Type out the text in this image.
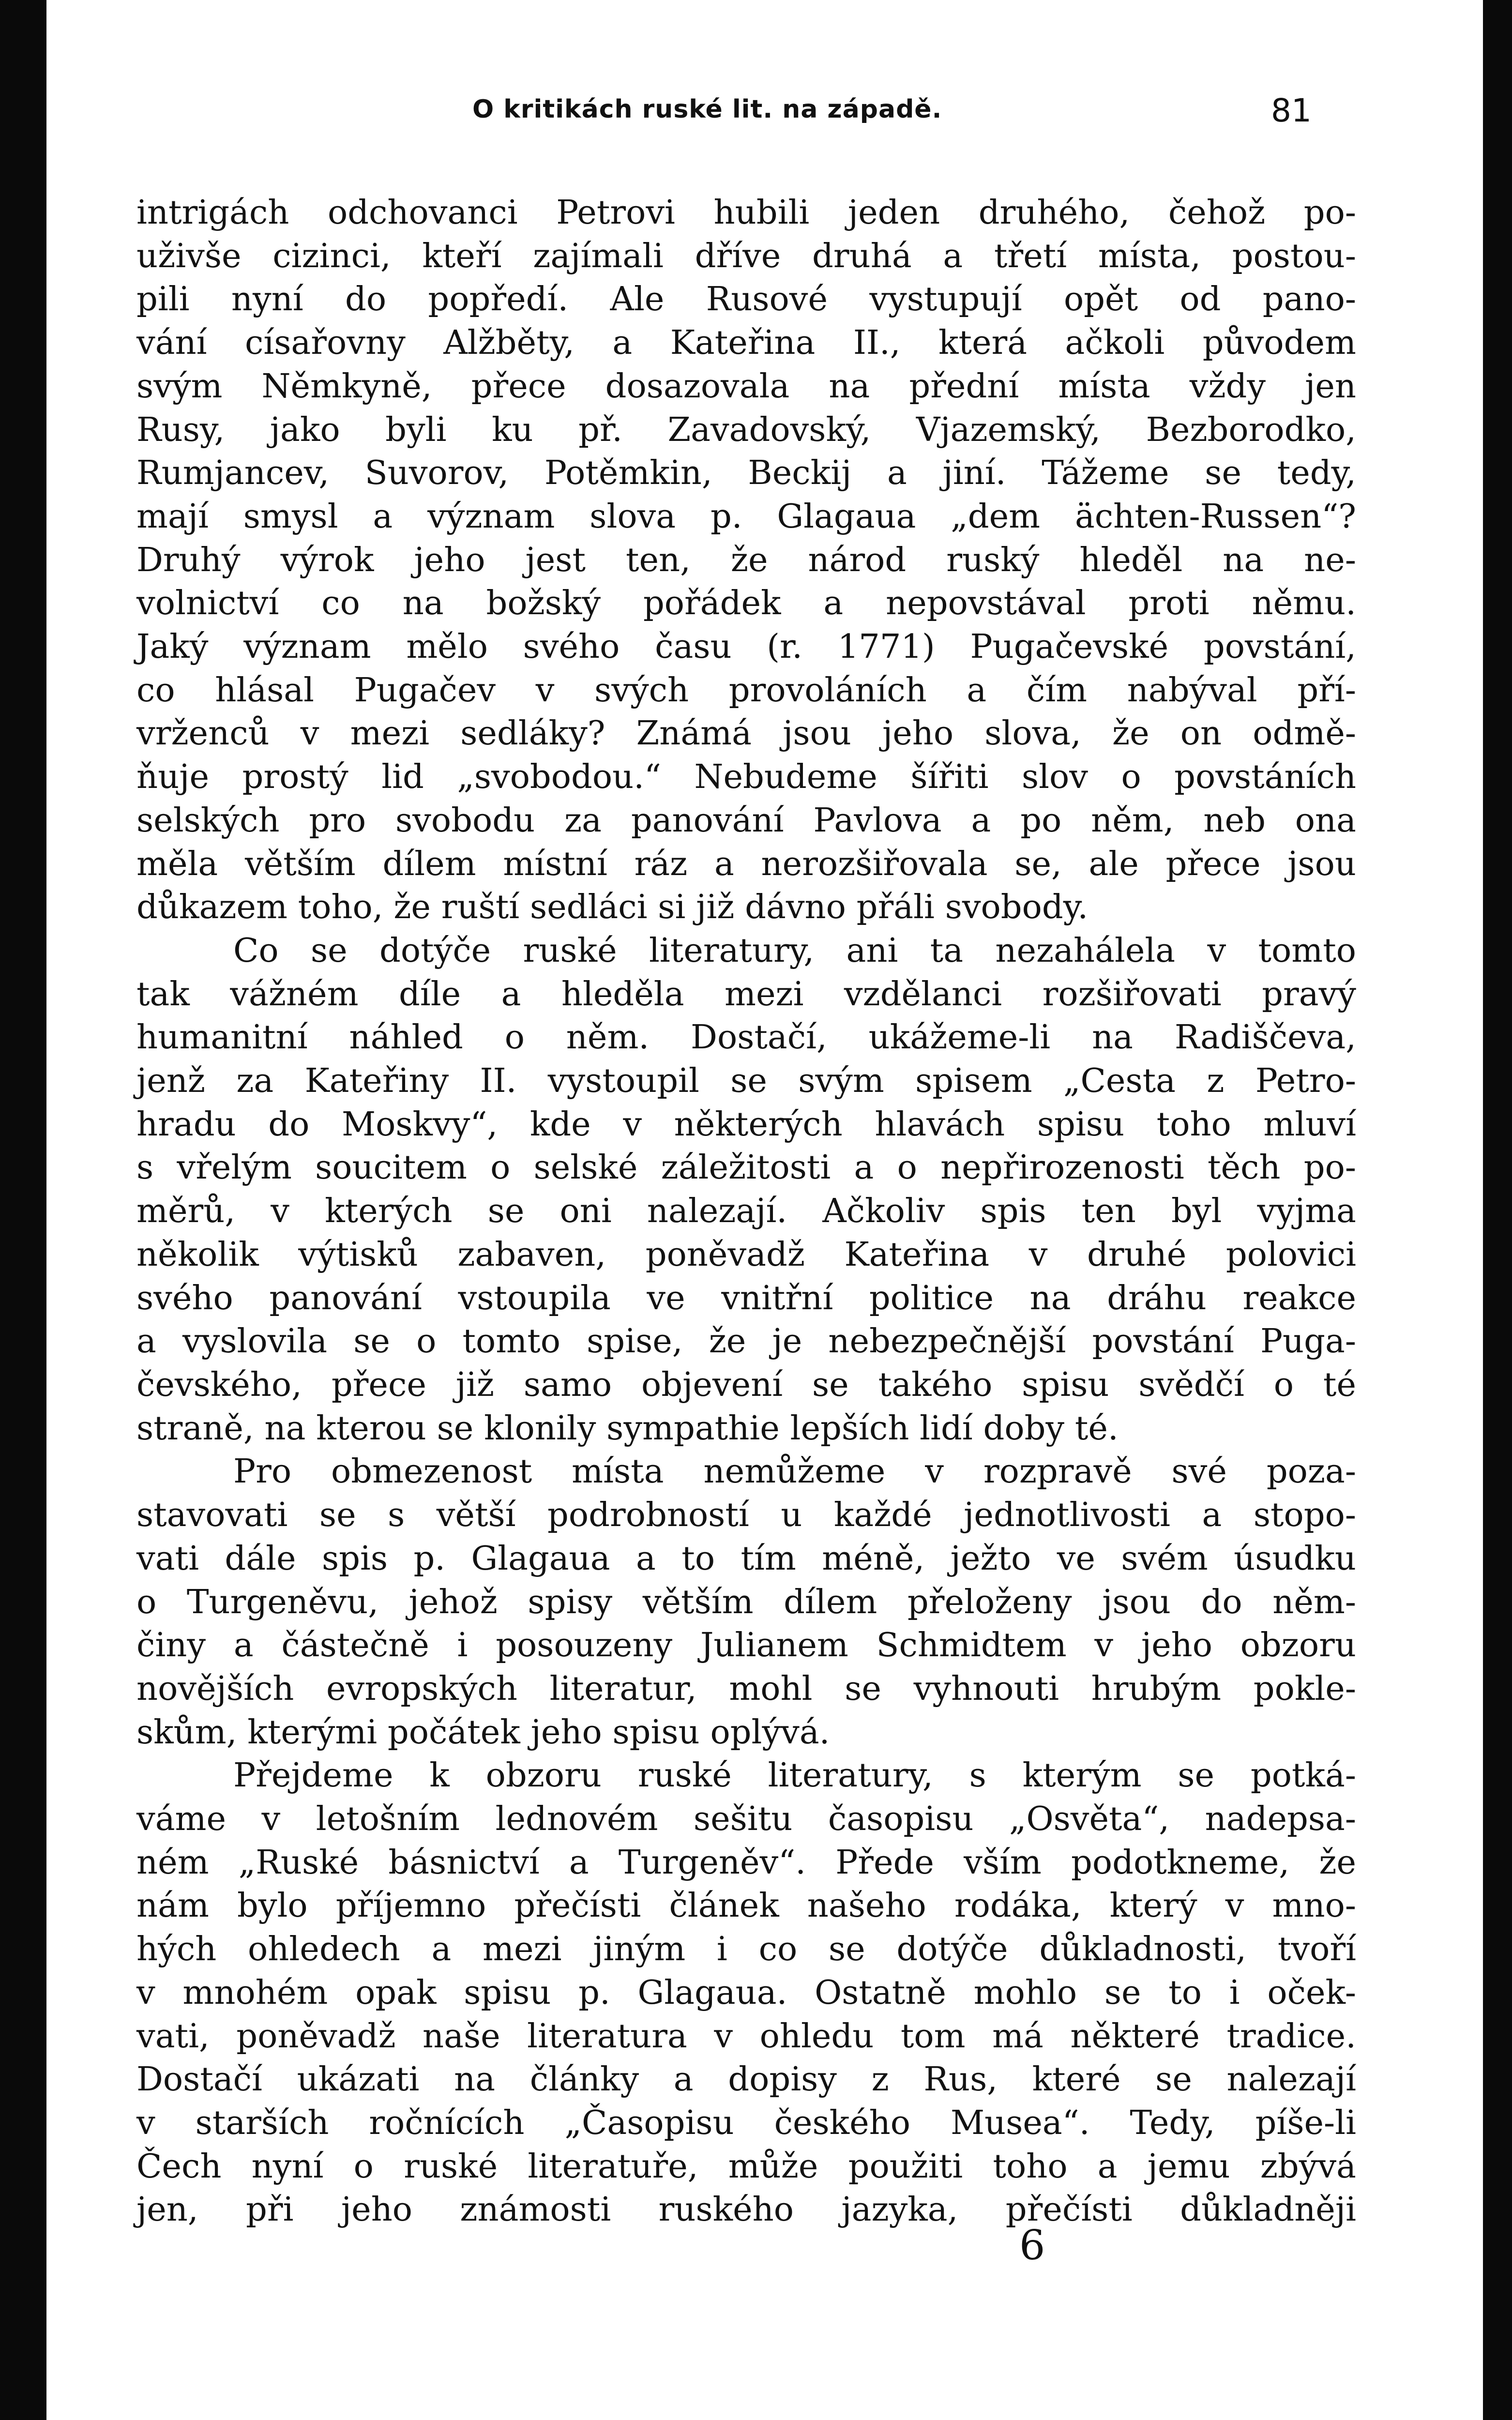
O kritikách ruské lit. na západě.	81
intrigách odchovanci Petrovi hubili jeden druhého, čehož po-
uživše cizinci, kteří zajímali dříve druhá a třetí místa, postou-
pili nyní do popředí. Ale Rusové vystupují opět od pano-
vání císařovny Alžběty, a Kateřina II., která ačkoli původem
svým Němkyně, přece dosazovala na přední místa vždy jen
Rusy, jako byli ku př. Zavadovský, Vjazemský, Bezborodko,
Rumjancev, Suvorov, Potěmkin, Beckij a jiní. Tážeme se tedy,
mají smysl a význam slova p. Glagaua „dem ächten-Russen“?
Druhý výrok jeho jest ten, že národ ruský hleděl na ne-
volnictví co na božský pořádek a nepovstával proti němu.
Jaký význam mělo svého času (r. 1771) Pugačevské povstání,
co hlásal Pugačev v svých provoláních a čím nabýval pří-
vrženců v mezi sedláky? Známá jsou jeho slova, že on odmě-
ňuje prostý lid „svobodou.“ Nebudeme šířiti slov o povstáních
selských pro svobodu za panování Pavlova a po něm, neb ona
měla větším dílem místní ráz a nerozšiřovala se, ale přece jsou
důkazem toho, že ruští sedláci si již dávno přáli svobody.
Co se dotýče ruské literatury, ani ta nezahálela v tomto
tak vážném díle a hleděla mezi vzdělanci rozšiřovati pravý
humanitní náhled o něm. Dostačí, ukážeme-li na Radiščeva,
jenž za Kateřiny II. vystoupil se svým spisem „Cesta z Petro-
hradu do Moskvy“, kde v některých hlavách spisu toho mluví
s vřelým soucitem o selské záležitosti a o nepřirozenosti těch po-
měrů, v kterých se oni nalezají. Ačkoliv spis ten byl vyjma
několik výtisků zabaven, poněvadž Kateřina v druhé polovici
svého panování vstoupila ve vnitřní politice na dráhu reakce
a vyslovila se o tomto spise, že je nebezpečnější povstání Puga-
čevského, přece již samo objevení se takého spisu svědčí o té
straně, na kterou se klonily sympathie lepších lidí doby té.
Pro obmezenost místa nemůžeme v rozpravě své poza-
stavovati se s větší podrobností u každé jednotlivosti a stopo-
vati dále spis p. Glagaua a to tím méně, ježto ve svém úsudku
o Turgeněvu, jehož spisy větším dílem přeloženy jsou do něm-
činy a částečně i posouzeny Julianem Schmidtem v jeho obzoru
novějších evropských literatur, mohl se vyhnouti hrubým pokle-
skům, kterými počátek jeho spisu oplývá.
Přejdeme k obzoru ruské literatury, s kterým se potká-
váme v letošním lednovém sešitu časopisu „Osvěta“, nadepsa-
ném „Ruské básnictví a Turgeněv“. Přede vším podotkneme, že
nám bylo příjemno přečísti článek našeho rodáka, který v mno-
hých ohledech a mezi jiným i co se dotýče důkladnosti, tvoří
v mnohém opak spisu p. Glagaua. Ostatně mohlo se to i oček-
vati, poněvadž naše literatura v ohledu tom má některé tradice.
Dostačí ukázati na články a dopisy z Rus, které se nalezají
v starších ročnících „Časopisu českého Musea“. Tedy, píše-li
Čech nyní o ruské literatuře, může použiti toho a jemu zbývá
jen, při jeho známosti ruského jazyka, přečísti důkladněji
6
